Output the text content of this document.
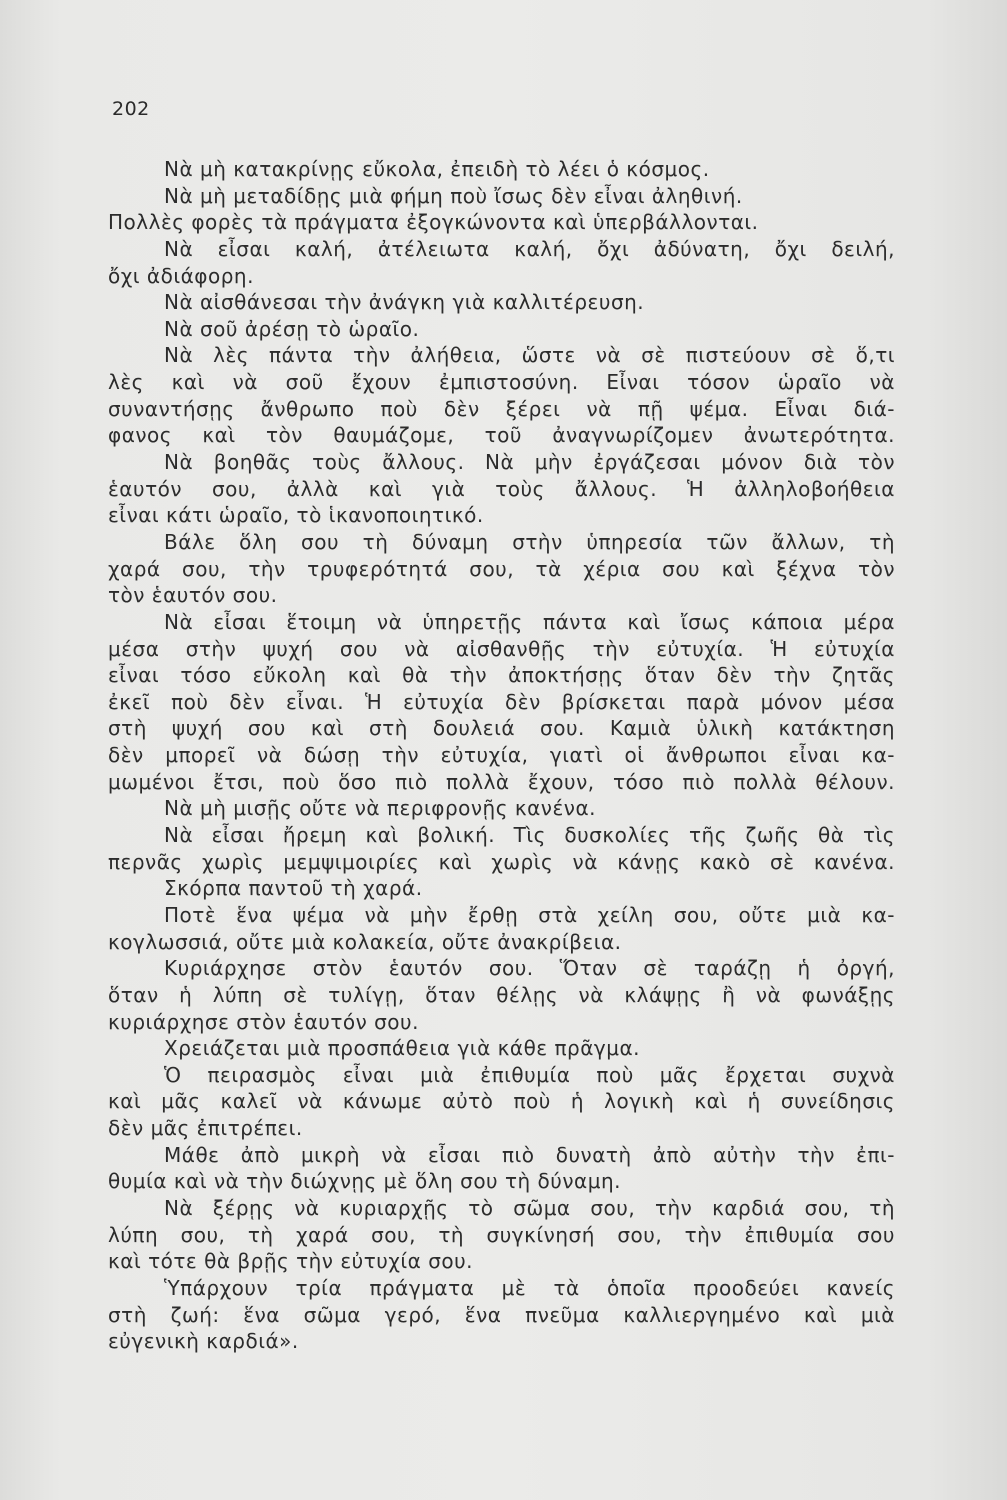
202
Νὰ μὴ κατακρίνῃς εὔκολα, ἐπειδὴ τὸ λέει ὁ κόσμος.
Νὰ μὴ μεταδίδῃς μιὰ φήμη ποὺ ἴσως δὲν εἶναι ἀληθινή.
Πολλὲς φορὲς τὰ πράγματα ἐξογκώνοντα καὶ ὑπερβάλλονται.
Νὰ εἶσαι καλή, ἀτέλειωτα καλή, ὄχι ἀδύνατη, ὄχι δειλή,
ὄχι ἀδιάφορη.
Νὰ αἰσθάνεσαι τὴν ἀνάγκη γιὰ καλλιτέρευση.
Νὰ σοῦ ἀρέσῃ τὸ ὡραῖο.
Νὰ λὲς πάντα τὴν ἀλήθεια, ὥστε νὰ σὲ πιστεύουν σὲ ὅ,τι
λὲς καὶ νὰ σοῦ ἔχουν ἐμπιστοσύνη. Εἶναι τόσον ὡραῖο νὰ
συναντήσῃς ἄνθρωπο ποὺ δὲν ξέρει νὰ πῇ ψέμα. Εἶναι διά-
φανος καὶ τὸν θαυμάζομε, τοῦ ἀναγνωρίζομεν ἀνωτερότητα.
Νὰ βοηθᾶς τοὺς ἄλλους. Νὰ μὴν ἐργάζεσαι μόνον διὰ τὸν
ἑαυτόν σου, ἀλλὰ καὶ γιὰ τοὺς ἄλλους. Ἡ ἀλληλοβοήθεια
εἶναι κάτι ὡραῖο, τὸ ἱκανοποιητικό.
Βάλε ὅλη σου τὴ δύναμη στὴν ὑπηρεσία τῶν ἄλλων, τὴ
χαρά σου, τὴν τρυφερότητά σου, τὰ χέρια σου καὶ ξέχνα τὸν
τὸν ἑαυτόν σου.
Νὰ εἶσαι ἕτοιμη νὰ ὑπηρετῇς πάντα καὶ ἴσως κάποια μέρα
μέσα στὴν ψυχή σου νὰ αἰσθανθῇς τὴν εὐτυχία. Ἡ εὐτυχία
εἶναι τόσο εὔκολη καὶ θὰ τὴν ἀποκτήσῃς ὅταν δὲν τὴν ζητᾶς
ἐκεῖ ποὺ δὲν εἶναι. Ἡ εὐτυχία δὲν βρίσκεται παρὰ μόνον μέσα
στὴ ψυχή σου καὶ στὴ δουλειά σου. Καμιὰ ὑλικὴ κατάκτηση
δὲν μπορεῖ νὰ δώσῃ τὴν εὐτυχία, γιατὶ οἱ ἄνθρωποι εἶναι κα-
μωμένοι ἔτσι, ποὺ ὅσο πιὸ πολλὰ ἔχουν, τόσο πιὸ πολλὰ θέλουν.
Νὰ μὴ μισῇς οὔτε νὰ περιφρονῇς κανένα.
Νὰ εἶσαι ἤρεμη καὶ βολική. Τὶς δυσκολίες τῆς ζωῆς θὰ τὶς
περνᾶς χωρὶς μεμψιμοιρίες καὶ χωρὶς νὰ κάνῃς κακὸ σὲ κανένα.
Σκόρπα παντοῦ τὴ χαρά.
Ποτὲ ἕνα ψέμα νὰ μὴν ἔρθῃ στὰ χείλη σου, οὔτε μιὰ κα-
κογλωσσιά, οὔτε μιὰ κολακεία, οὔτε ἀνακρίβεια.
Κυριάρχησε στὸν ἑαυτόν σου. Ὅταν σὲ ταράζῃ ἡ ὀργή,
ὅταν ἡ λύπη σὲ τυλίγῃ, ὅταν θέλῃς νὰ κλάψῃς ἢ νὰ φωνάξῃς
κυριάρχησε στὸν ἑαυτόν σου.
Χρειάζεται μιὰ προσπάθεια γιὰ κάθε πρᾶγμα.
Ὁ πειρασμὸς εἶναι μιὰ ἐπιθυμία ποὺ μᾶς ἔρχεται συχνὰ
καὶ μᾶς καλεῖ νὰ κάνωμε αὐτὸ ποὺ ἡ λογικὴ καὶ ἡ συνείδησις
δὲν μᾶς ἐπιτρέπει.
Μάθε ἀπὸ μικρὴ νὰ εἶσαι πιὸ δυνατὴ ἀπὸ αὐτὴν τὴν ἐπι-
θυμία καὶ νὰ τὴν διώχνῃς μὲ ὅλη σου τὴ δύναμη.
Νὰ ξέρῃς νὰ κυριαρχῇς τὸ σῶμα σου, τὴν καρδιά σου, τὴ
λύπη σου, τὴ χαρά σου, τὴ συγκίνησή σου, τὴν ἐπιθυμία σου
καὶ τότε θὰ βρῇς τὴν εὐτυχία σου.
Ὑπάρχουν τρία πράγματα μὲ τὰ ὁποῖα προοδεύει κανείς
στὴ ζωή: ἕνα σῶμα γερό, ἕνα πνεῦμα καλλιεργημένο καὶ μιὰ
εὐγενικὴ καρδιά».
